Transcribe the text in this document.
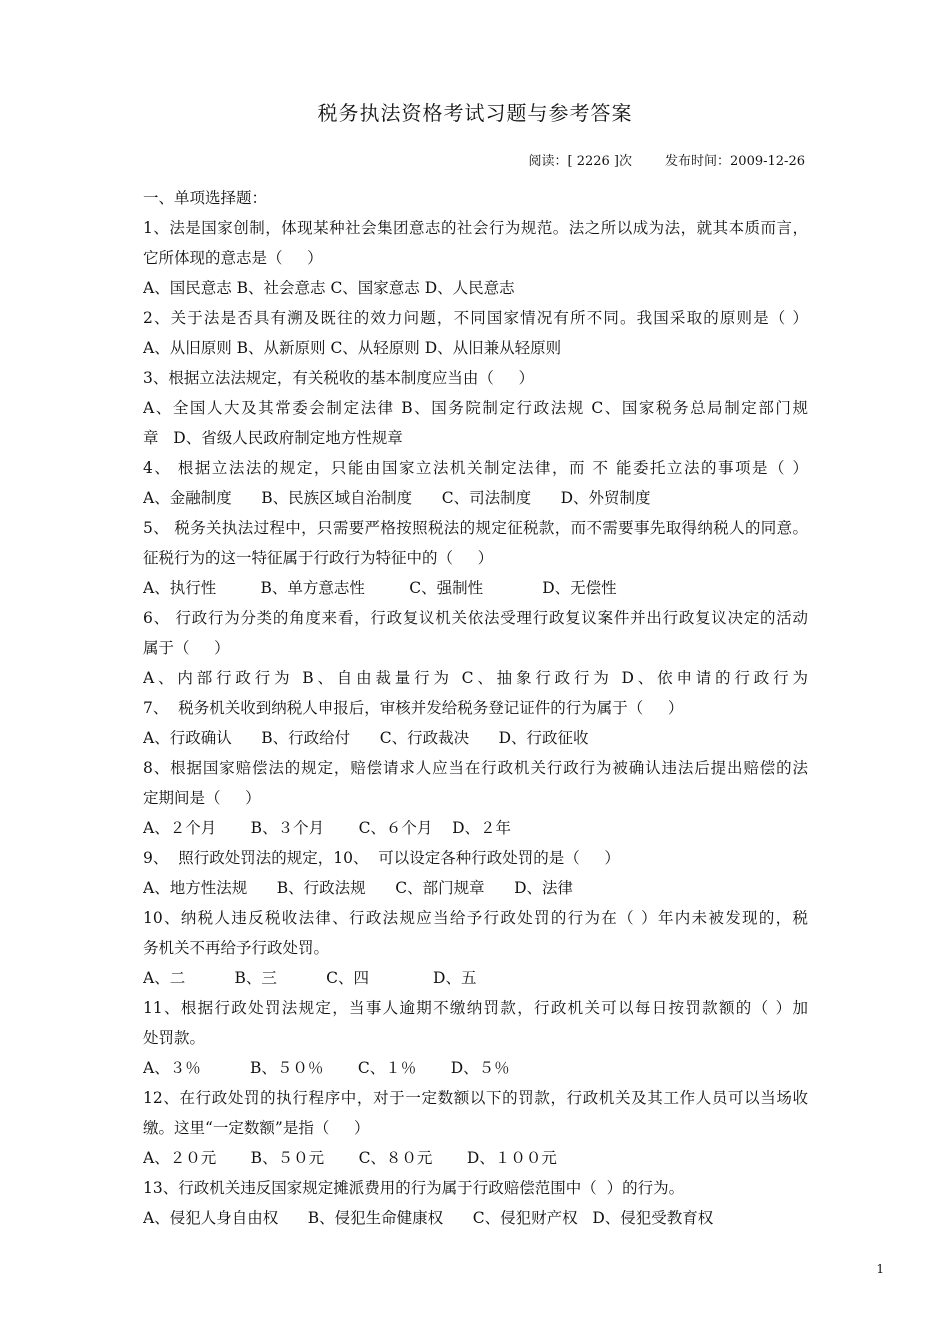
税务执法资格考试习题与参考答案
阅读：[ 2226 ]次        发布时间：2009-12-26
一、单项选择题：
1、法是国家创制，体现某种社会集团意志的社会行为规范。法之所以成为法，就其本质而言，
它所体现的意志是（     ）
A、国民意志 B、社会意志 C、国家意志 D、人民意志
2、关于法是否具有溯及既往的效力问题，不同国家情况有所不同。我国采取的原则是（ ）
A、从旧原则 B、从新原则 C、从轻原则 D、从旧兼从轻原则
3、根据立法法规定，有关税收的基本制度应当由（     ）
A、全国人大及其常委会制定法律 B、国务院制定行政法规 C、国家税务总局制定部门规
章   D、省级人民政府制定地方性规章
4、 根据立法法的规定，只能由国家立法机关制定法律，而 不 能委托立法的事项是（ ）
A、金融制度      B、民族区域自治制度      C、司法制度      D、外贸制度
5、 税务关执法过程中，只需要严格按照税法的规定征税款，而不需要事先取得纳税人的同意。
征税行为的这一特征属于行政行为特征中的（     ）
A、执行性         B、单方意志性         C、强制性            D、无偿性
6、 行政行为分类的角度来看，行政复议机关依法受理行政复议案件并出行政复议决定的活动
属于（     ）
A、内部行政行为 B、自由裁量行为 C、抽象行政行为 D、依申请的行政行为
7、  税务机关收到纳税人申报后，审核并发给税务登记证件的行为属于（     ）
A、行政确认      B、行政给付      C、行政裁决      D、行政征收
8、根据国家赔偿法的规定，赔偿请求人应当在行政机关行政行为被确认违法后提出赔偿的法
定期间是（     ）
A、２个月       B、３个月       C、６个月    D、２年
9、  照行政处罚法的规定，10、  可以设定各种行政处罚的是（     ）
A、地方性法规      B、行政法规      C、部门规章      D、法律
10、纳税人违反税收法律、行政法规应当给予行政处罚的行为在（ ）年内未被发现的，税
务机关不再给予行政处罚。
A、二          B、三          C、四             D、五
11、根据行政处罚法规定，当事人逾期不缴纳罚款，行政机关可以每日按罚款额的（ ）加
处罚款。
A、３％          B、５０％       C、１％       D、５％
12、在行政处罚的执行程序中，对于一定数额以下的罚款，行政机关及其工作人员可以当场收
缴。这里“一定数额”是指（     ）
A、２０元       B、５０元       C、８０元       D、１００元
13、行政机关违反国家规定摊派费用的行为属于行政赔偿范围中（  ）的行为。
A、侵犯人身自由权      B、侵犯生命健康权      C、侵犯财产权   D、侵犯受教育权
1
